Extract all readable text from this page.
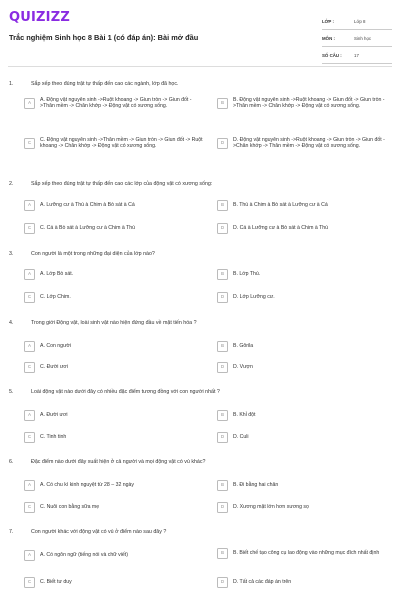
QUIZIZZ
Trắc nghiệm Sinh học 8 Bài 1 (có đáp án): Bài mở đầu
LỚP :	Lớp 8
MÔN :	Sinh học
SỐ CÂU :	17
1.	Sắp xếp theo đúng trật tự thấp đến cao các ngành, lớp đã học.
A	A. Động vật nguyên sinh ->Ruột khoang -> Giun tròn -> Giun đốt ->Thân mềm -> Chân khớp -> Động vật có xương sống.
B	B. Động vật nguyên sinh ->Ruột khoang -> Giun đốt -> Giun tròn ->Thân mềm -> Chân khớp -> Động vật có xương sống.
C	C. Động vật nguyên sinh ->Thân mềm -> Giun tròn -> Giun đốt -> Ruột khoang -> Chân khớp -> Động vật có xương sống.
D	D. Động vật nguyên sinh ->Ruột khoang -> Giun tròn -> Giun đốt ->Chân khớp -> Thân mềm -> Động vật có xương sống.
2.	Sắp xếp theo đúng trật tự thấp đến cao các lớp của động vật có xương sống:
A	A. Lưỡng cư à Thú à Chim à Bò sát à Cá	B	B. Thú à Chim à Bò sát à Lưỡng cư à Cá
C	C. Cá à Bò sát à Lưỡng cư à Chim à Thú	D	D. Cá à Lưỡng cư à Bò sát à Chim à Thú
3.	Con người là một trong những đại diện của lớp nào?
A	A. Lớp Bò sát.	B	B. Lớp Thú.
C	C. Lớp Chim.	D	D. Lớp Lưỡng cư.
4.	Trong giới Động vật, loài sinh vật nào hiện đứng đầu về mặt tiến hóa ?
A	A. Con người	B	B. Gôrila
C	C. Đười ươi	D	D. Vượn
5.	Loài động vật nào dưới đây có nhiều đặc điểm tương đồng với con người nhất ?
A	A. Đười ươi	B	B. Khỉ đột
C	C. Tinh tinh	D	D. Culi
6.	Đặc điểm nào dưới đây xuất hiện ở cả người và mọi động vật có vú khác?
A	A. Có chu kì kinh nguyệt từ 28 – 32 ngày	B	B. Đi bằng hai chân
C	C. Nuôi con bằng sữa mẹ	D	D. Xương mặt lớn hơn xương sọ
7.	Con người khác với động vật có vú ở điểm nào sau đây ?
A	A. Có ngôn ngữ (tiếng nói và chữ viết)	B	B. Biết chế tạo công cụ lao động vào những mục đích nhất định
C	C. Biết tư duy	D	D. Tất cả các đáp án trên
